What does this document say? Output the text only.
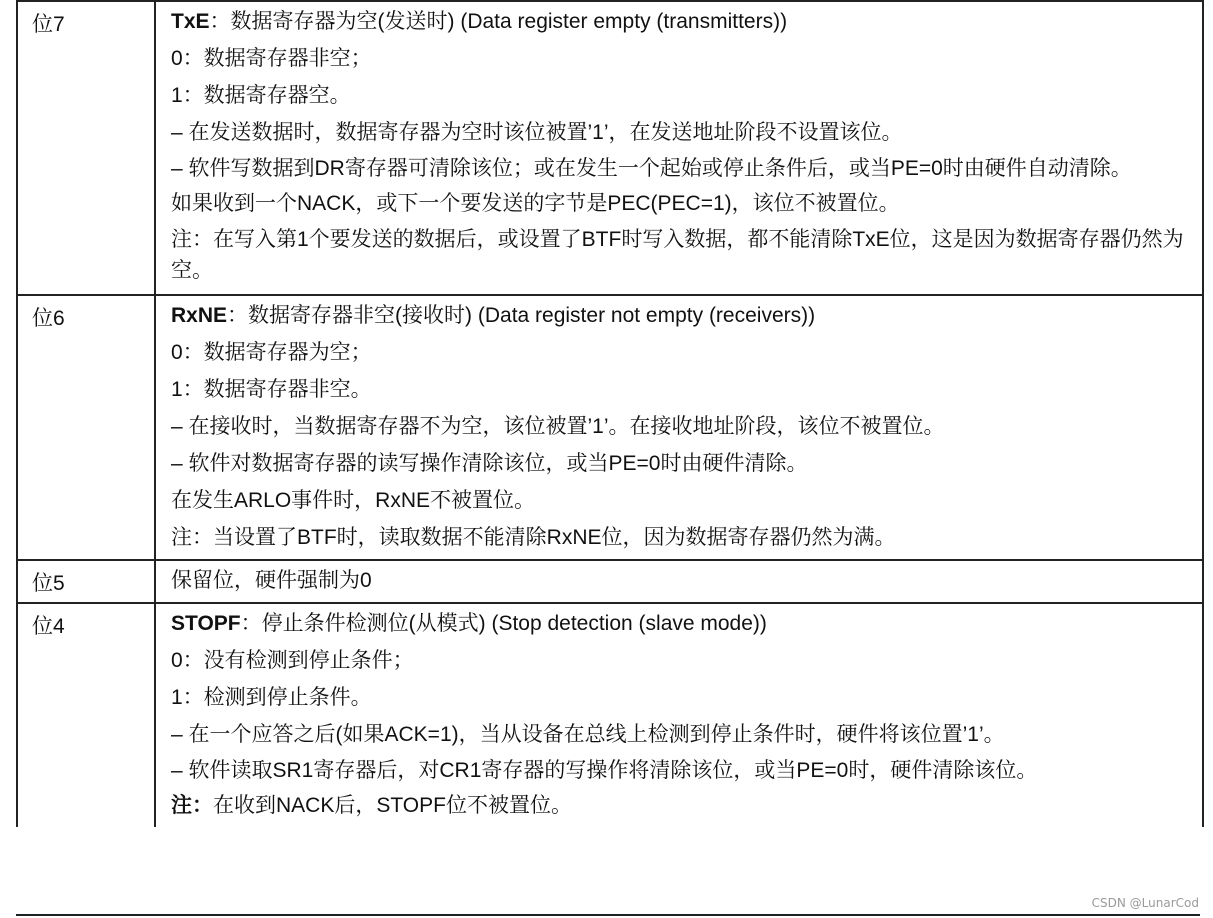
位7	TxE：数据寄存器为空(发送时) (Data register empty (transmitters))
0：数据寄存器非空；
1：数据寄存器空。
– 在发送数据时，数据寄存器为空时该位被置’1’，在发送地址阶段不设置该位。
– 软件写数据到DR寄存器可清除该位；或在发生一个起始或停止条件后，或当PE=0时由硬件自动清除。
如果收到一个NACK，或下一个要发送的字节是PEC(PEC=1)，该位不被置位。
注：在写入第1个要发送的数据后，或设置了BTF时写入数据，都不能清除TxE位，这是因为数据寄存器仍然为空。
位6	RxNE：数据寄存器非空(接收时) (Data register not empty (receivers))
0：数据寄存器为空；
1：数据寄存器非空。
– 在接收时，当数据寄存器不为空，该位被置’1’。在接收地址阶段，该位不被置位。
– 软件对数据寄存器的读写操作清除该位，或当PE=0时由硬件清除。
在发生ARLO事件时，RxNE不被置位。
注：当设置了BTF时，读取数据不能清除RxNE位，因为数据寄存器仍然为满。
位5	保留位，硬件强制为0
位4	STOPF：停止条件检测位(从模式) (Stop detection (slave mode))
0：没有检测到停止条件；
1：检测到停止条件。
– 在一个应答之后(如果ACK=1)，当从设备在总线上检测到停止条件时，硬件将该位置’1’。
– 软件读取SR1寄存器后，对CR1寄存器的写操作将清除该位，或当PE=0时，硬件清除该位。
注：在收到NACK后，STOPF位不被置位。
CSDN @LunarCod
